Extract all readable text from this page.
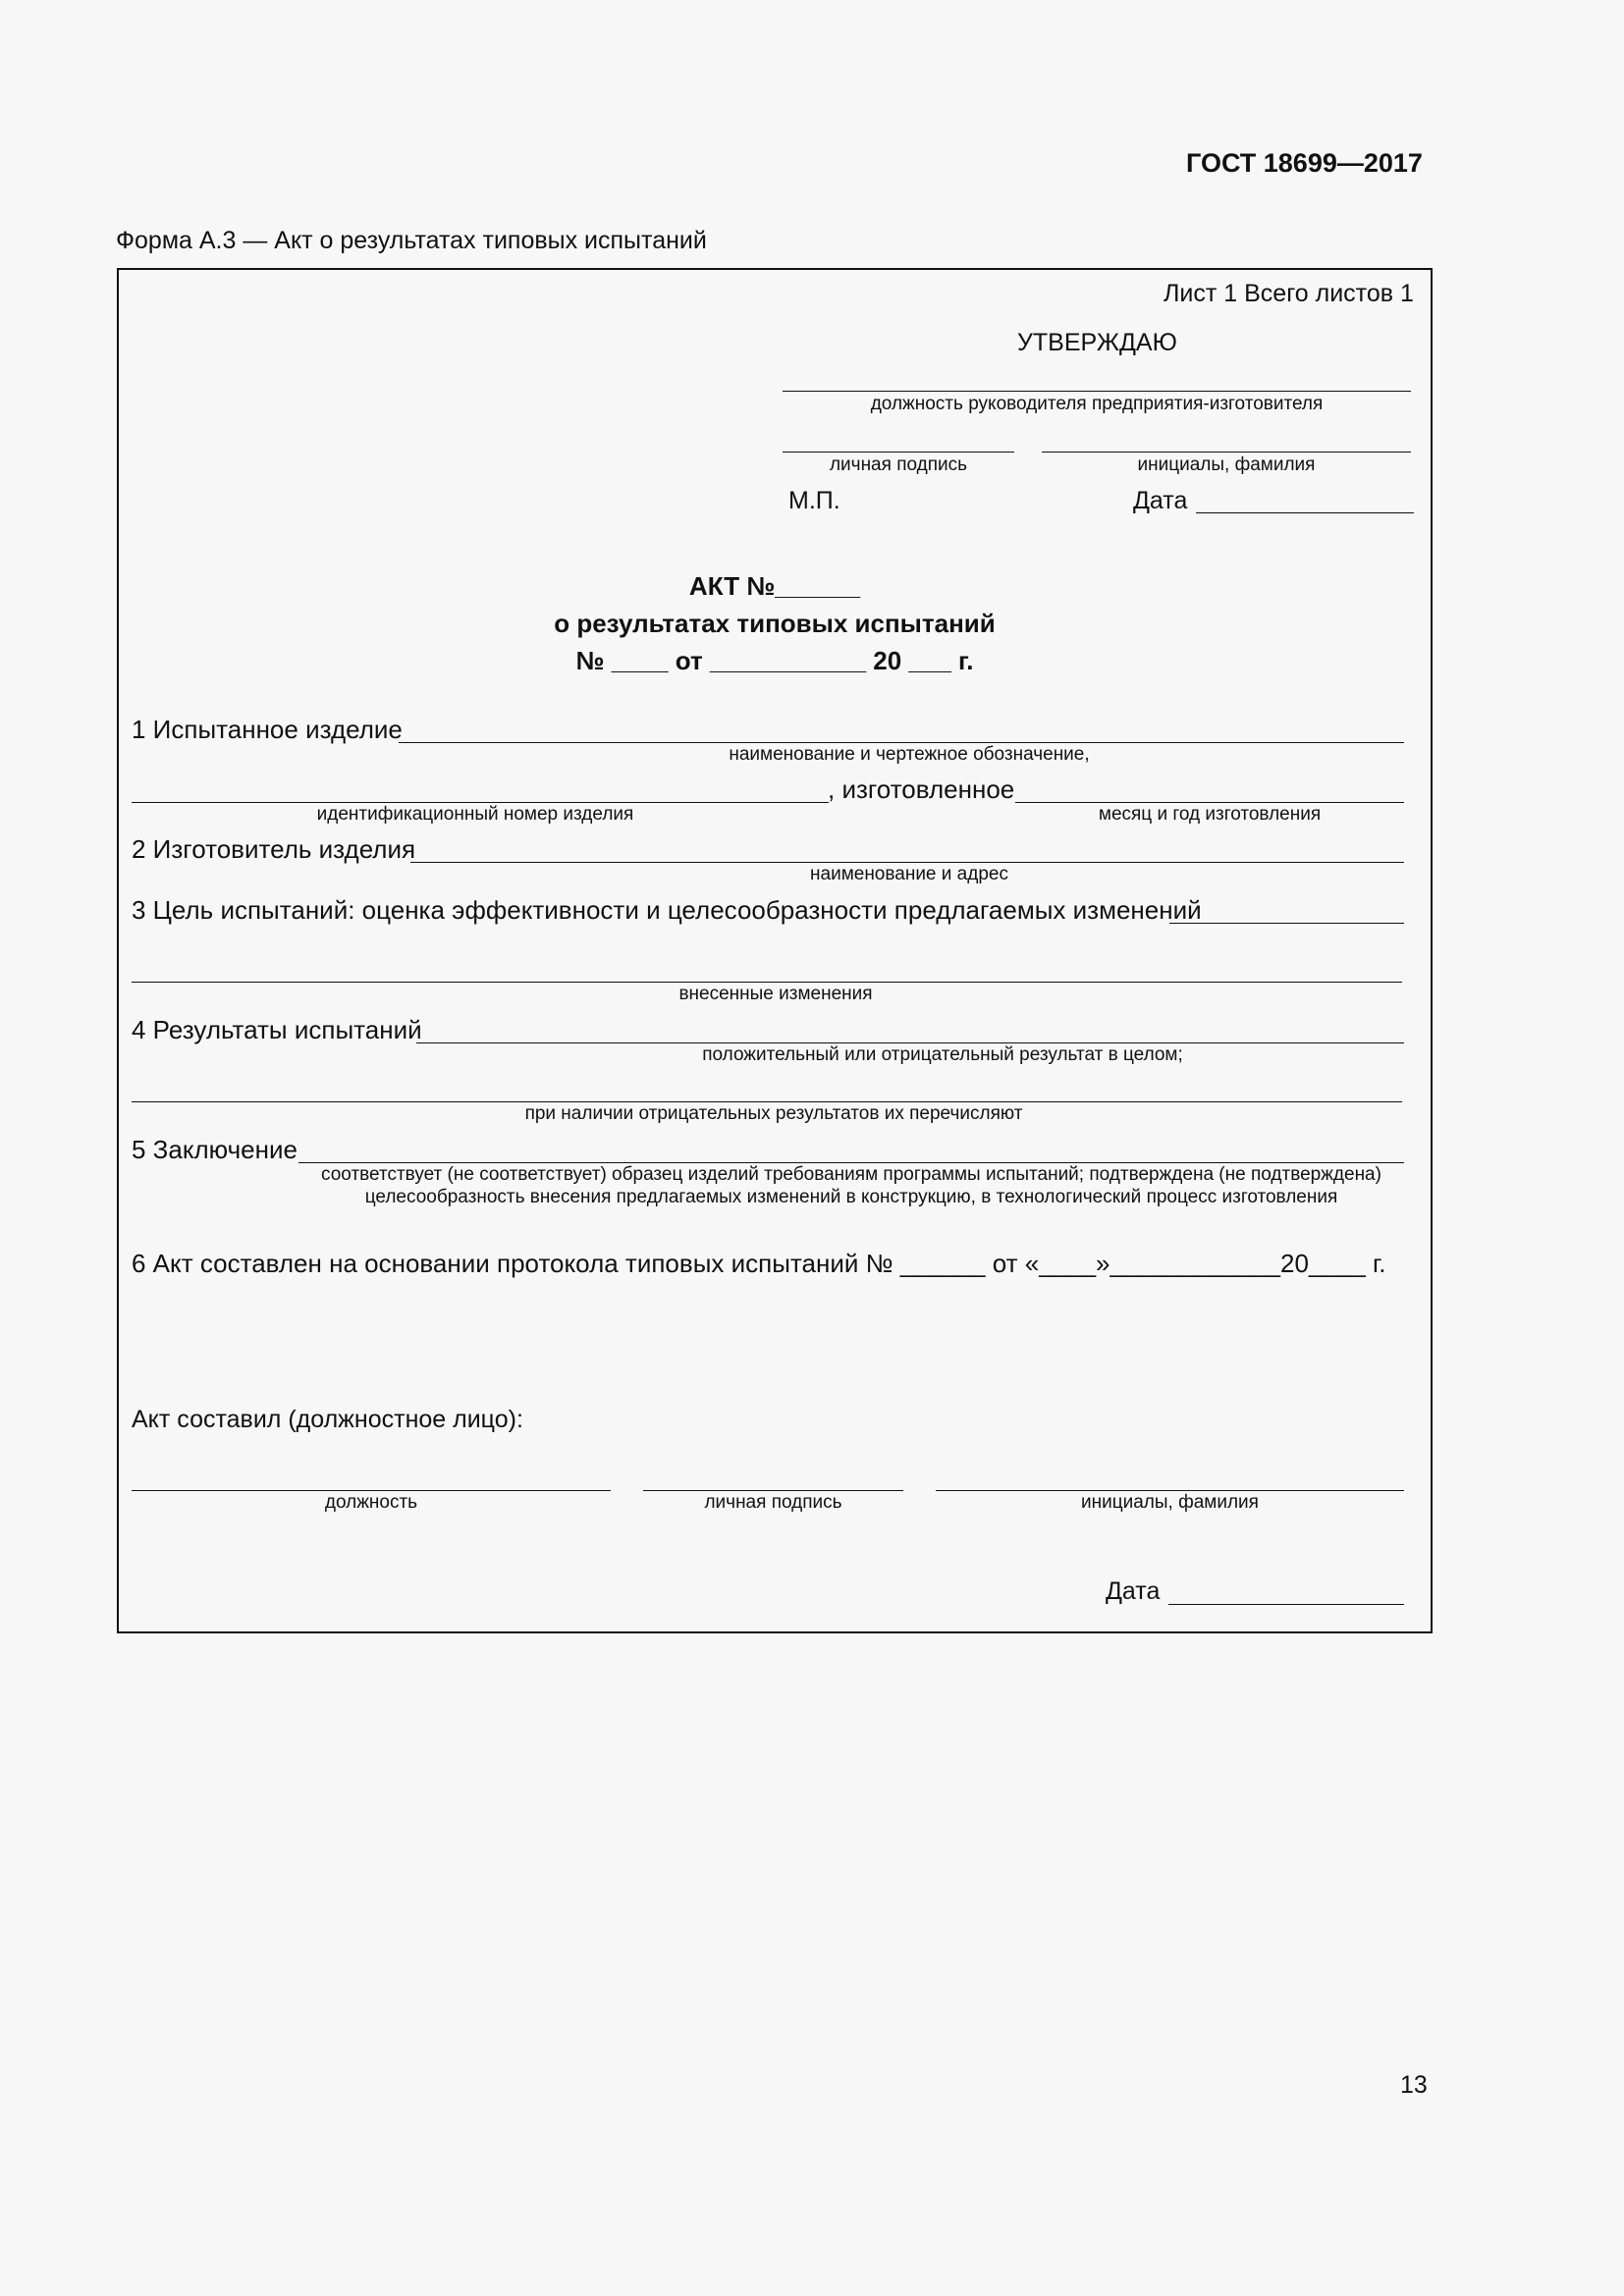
ГОСТ 18699—2017
Форма А.3 — Акт о результатах типовых испытаний
Лист 1 Всего листов 1
УТВЕРЖДАЮ
должность руководителя предприятия-изготовителя
личная подпись	инициалы, фамилия
М.П.	Дата
АКТ №______
о результатах типовых испытаний
№ ____ от ___________ 20 ___ г.
1 Испытанное изделие
наименование и чертежное обозначение,
, изготовленное
идентификационный номер изделия	месяц и год изготовления
2 Изготовитель изделия
наименование и адрес
3 Цель испытаний: оценка эффективности и целесообразности предлагаемых изменений
внесенные изменения
4 Результаты испытаний
положительный или отрицательный результат в целом;
при наличии отрицательных результатов их перечисляют
5 Заключение
соответствует (не соответствует) образец изделий требованиям программы испытаний; подтверждена (не подтверждена)
целесообразность внесения предлагаемых изменений в конструкцию, в технологический процесс изготовления
6 Акт составлен на основании протокола типовых испытаний № ______ от «____»____________20____ г.
Акт составил (должностное лицо):
должность	личная подпись	инициалы, фамилия
Дата
13
